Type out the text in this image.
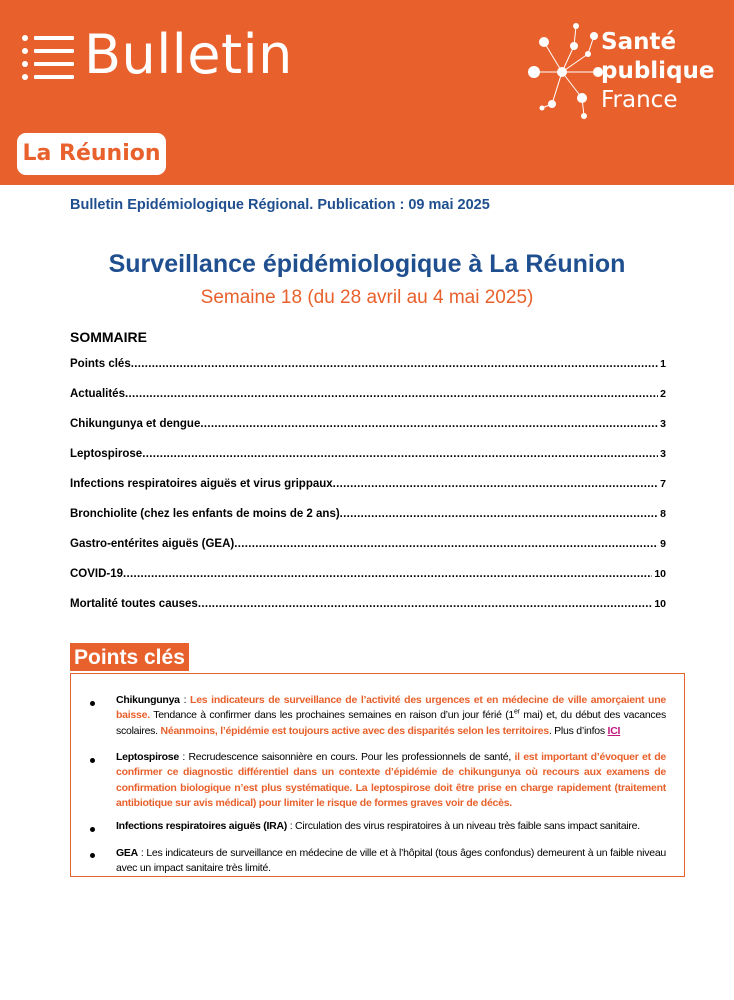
Bulletin	Santé
publique
France
La Réunion
Bulletin Epidémiologique Régional. Publication : 09 mai 2025
Surveillance épidémiologique à La Réunion
Semaine 18 (du 28 avril au 4 mai 2025)
SOMMAIRE
Points clés .....	1
Actualités .....	2
Chikungunya et dengue .....	3
Leptospirose .....	3
Infections respiratoires aiguës et virus grippaux .....	7
Bronchiolite (chez les enfants de moins de 2 ans) .....	8
Gastro-entérites aiguës (GEA) .....	9
COVID-19 .....	10
Mortalité toutes causes .....	10
Points clés
Chikungunya : Les indicateurs de surveillance de l’activité des urgences et en médecine de ville amorçaient une baisse. Tendance à confirmer dans les prochaines semaines en raison d’un jour férié (1er mai) et, du début des vacances scolaires. Néanmoins, l’épidémie est toujours active avec des disparités selon les territoires. Plus d’infos ICI
Leptospirose : Recrudescence saisonnière en cours. Pour les professionnels de santé, il est important d’évoquer et de confirmer ce diagnostic différentiel dans un contexte d’épidémie de chikungunya où recours aux examens de confirmation biologique n’est plus systématique. La leptospirose doit être prise en charge rapidement (traitement antibiotique sur avis médical) pour limiter le risque de formes graves voir de décès.
Infections respiratoires aiguës (IRA) : Circulation des virus respiratoires à un niveau très faible sans impact sanitaire.
GEA : Les indicateurs de surveillance en médecine de ville et à l’hôpital (tous âges confondus) demeurent à un faible niveau avec un impact sanitaire très limité.
